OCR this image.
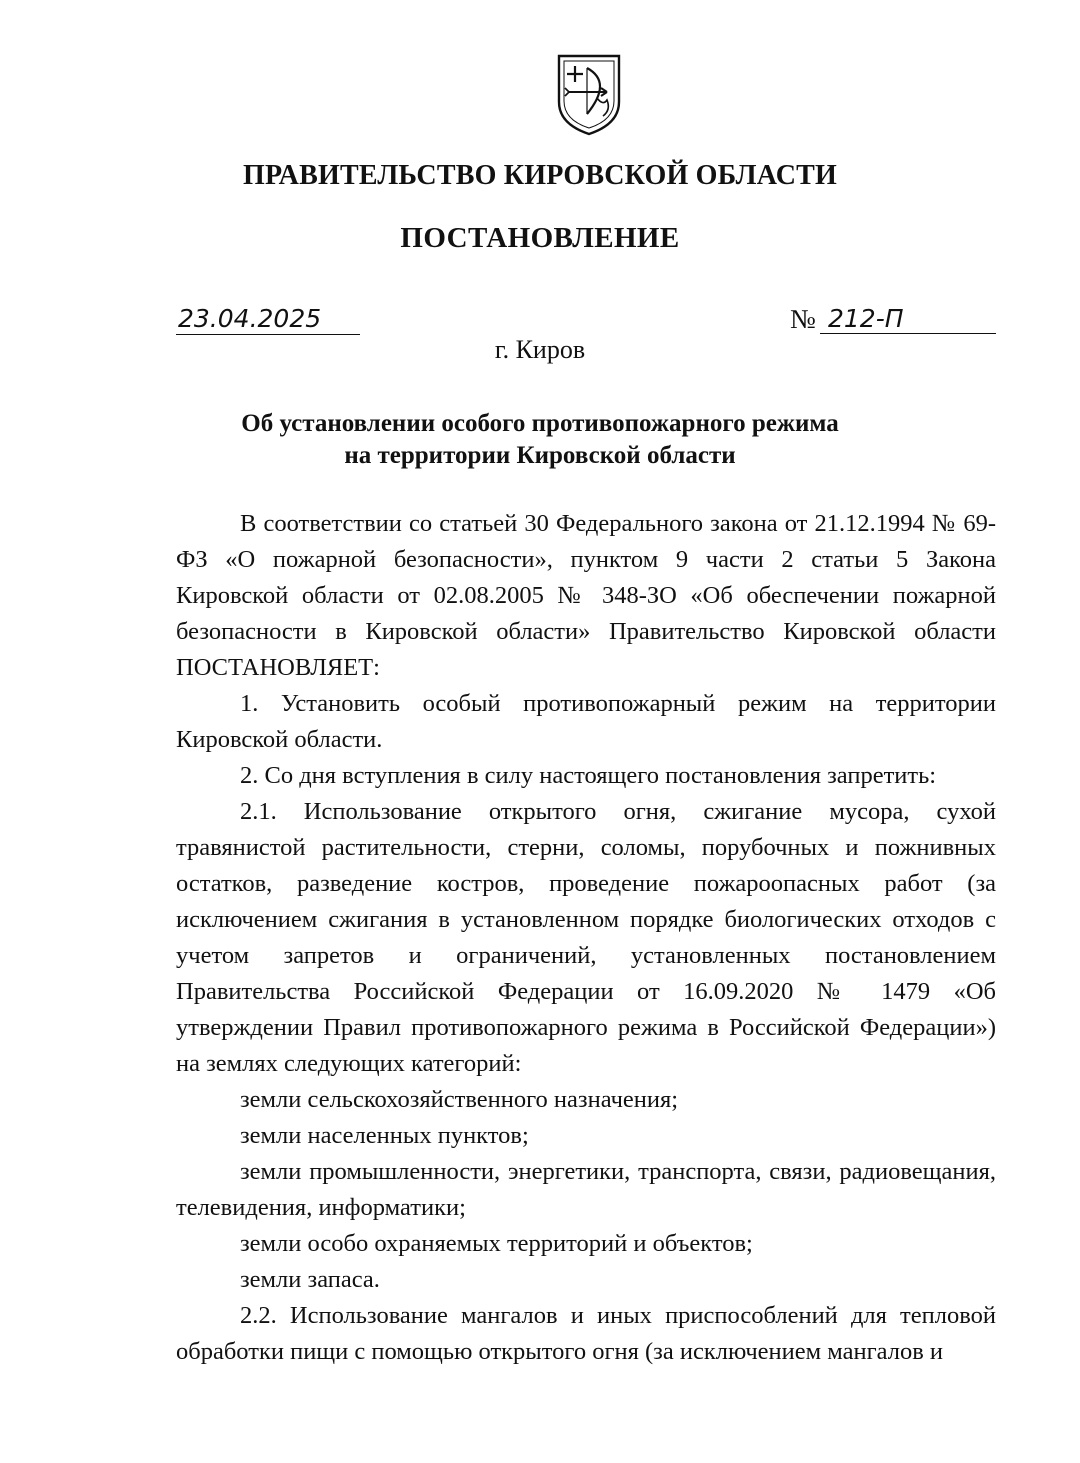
ПРАВИТЕЛЬСТВО КИРОВСКОЙ ОБЛАСТИ
ПОСТАНОВЛЕНИЕ
23.04.2025	№ 212-П
г. Киров
Об установлении особого противопожарного режима
на территории Кировской области

В соответствии со статьей 30 Федерального закона от 21.12.1994 № 69-ФЗ «О пожарной безопасности», пунктом 9 части 2 статьи 5 Закона Кировской области от 02.08.2005 № 348-ЗО «Об обеспечении пожарной безопасности в Кировской области» Правительство Кировской области ПОСТАНОВЛЯЕТ:

1. Установить особый противопожарный режим на территории Кировской области.

2. Со дня вступления в силу настоящего постановления запретить:

2.1. Использование открытого огня, сжигание мусора, сухой травянистой растительности, стерни, соломы, порубочных и пожнивных остатков, разведение костров, проведение пожароопасных работ (за исключением сжигания в установленном порядке биологических отходов с учетом запретов и ограничений, установленных постановлением Правительства Российской Федерации от 16.09.2020 № 1479 «Об утверждении Правил противопожарного режима в Российской Федерации») на землях следующих категорий:

земли сельскохозяйственного назначения;

земли населенных пунктов;

земли промышленности, энергетики, транспорта, связи, радиовещания, телевидения, информатики;

земли особо охраняемых территорий и объектов;

земли запаса.

2.2. Использование мангалов и иных приспособлений для тепловой обработки пищи с помощью открытого огня (за исключением мангалов и
